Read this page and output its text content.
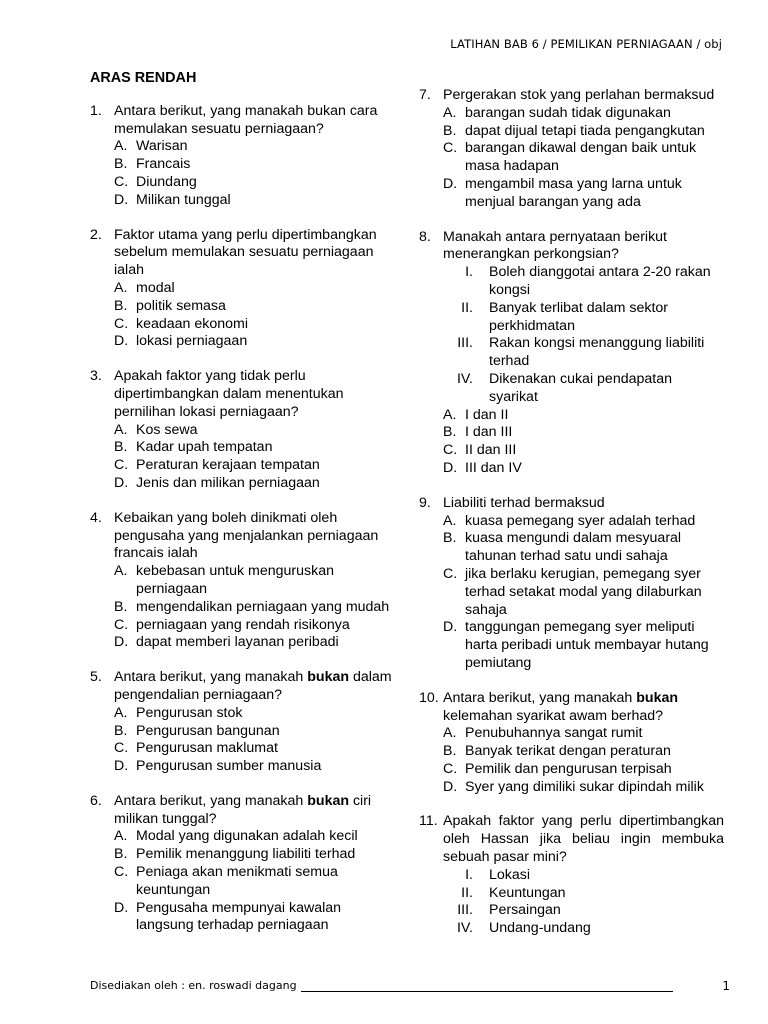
LATIHAN BAB 6 / PEMILIKAN PERNIAGAAN / obj
ARAS RENDAH
1. Antara berikut, yang manakah bukan cara memulakan sesuatu perniagaan?
A. Warisan
B. Francais
C. Diundang
D. Milikan tunggal
2. Faktor utama yang perlu dipertimbangkan sebelum memulakan sesuatu perniagaan ialah
A. modal
B. politik semasa
C. keadaan ekonomi
D. lokasi perniagaan
3. Apakah faktor yang tidak perlu dipertimbangkan dalam menentukan pernilihan lokasi perniagaan?
A. Kos sewa
B. Kadar upah tempatan
C. Peraturan kerajaan tempatan
D. Jenis dan milikan perniagaan
4. Kebaikan yang boleh dinikmati oleh pengusaha yang menjalankan perniagaan francais ialah
A. kebebasan untuk menguruskan perniagaan
B. mengendalikan perniagaan yang mudah
C. perniagaan yang rendah risikonya
D. dapat memberi layanan peribadi
5. Antara berikut, yang manakah bukan dalam pengendalian perniagaan?
A. Pengurusan stok
B. Pengurusan bangunan
C. Pengurusan maklumat
D. Pengurusan sumber manusia
6. Antara berikut, yang manakah bukan ciri milikan tunggal?
A. Modal yang digunakan adalah kecil
B. Pemilik menanggung liabiliti terhad
C. Peniaga akan menikmati semua keuntungan
D. Pengusaha mempunyai kawalan langsung terhadap perniagaan
7. Pergerakan stok yang perlahan bermaksud
A. barangan sudah tidak digunakan
B. dapat dijual tetapi tiada pengangkutan
C. barangan dikawal dengan baik untuk masa hadapan
D. mengambil masa yang larna untuk menjual barangan yang ada
8. Manakah antara pernyataan berikut menerangkan perkongsian?
I.	Boleh dianggotai antara 2-20 rakan kongsi
II.	Banyak terlibat dalam sektor perkhidmatan
III.	Rakan kongsi menanggung liabiliti terhad
IV.	Dikenakan cukai pendapatan syarikat
A. I dan II
B. I dan III
C. II dan III
D. III dan IV
9. Liabiliti terhad bermaksud
A. kuasa pemegang syer adalah terhad
B. kuasa mengundi dalam mesyuaral tahunan terhad satu undi sahaja
C. jika berlaku kerugian, pemegang syer terhad setakat modal yang dilaburkan sahaja
D. tanggungan pemegang syer meliputi harta peribadi untuk membayar hutang pemiutang
10. Antara berikut, yang manakah bukan kelemahan syarikat awam berhad?
A. Penubuhannya sangat rumit
B. Banyak terikat dengan peraturan
C. Pemilik dan pengurusan terpisah
D. Syer yang dimiliki sukar dipindah milik
11. Apakah faktor yang perlu dipertimbangkan oleh Hassan jika beliau ingin membuka sebuah pasar mini?
I.	Lokasi
II.	Keuntungan
III.	Persaingan
IV.	Undang-undang
Disediakan oleh : en. roswadi dagang	1
